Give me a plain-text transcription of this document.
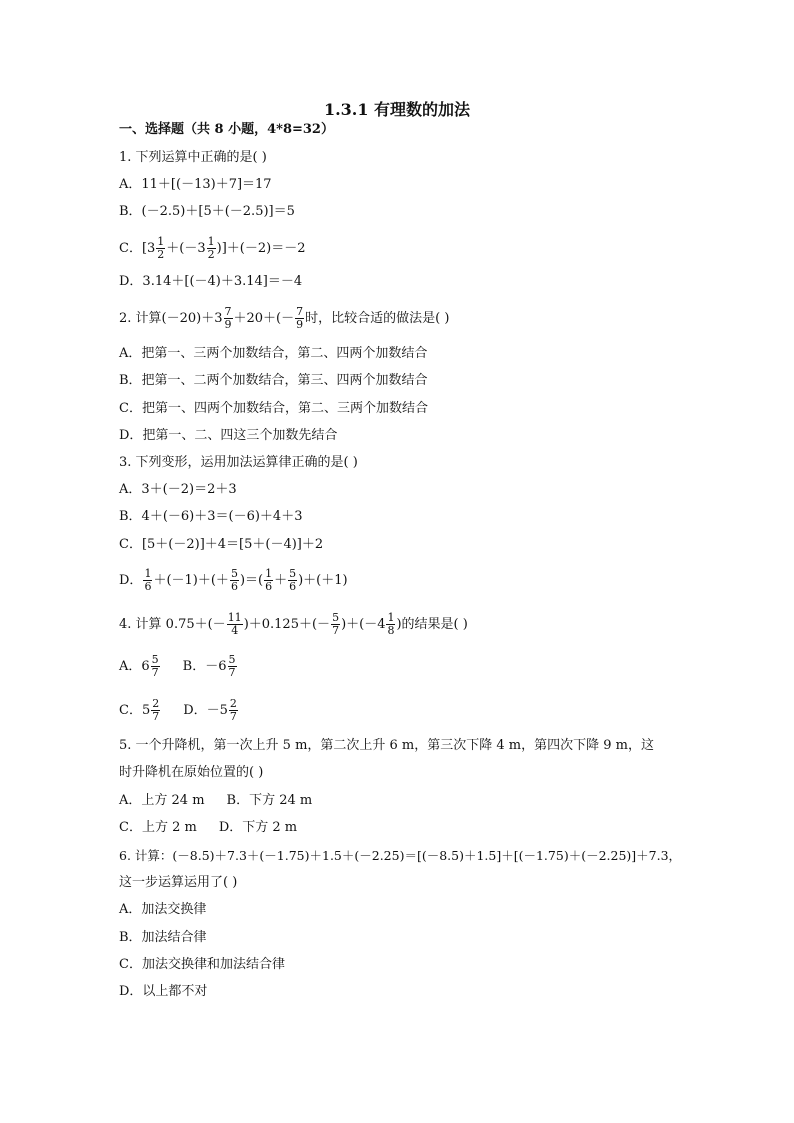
1.3.1 有理数的加法
一、选择题（共 8 小题，4*8=32）
1. 下列运算中正确的是( )
A．11＋[(－13)＋7]＝17
B．(－2.5)＋[5＋(－2.5)]＝5
C．$[3 \frac{1}{2} +(-3 \frac{1}{2} )]+(-2)=-2$
D．3.14＋[(－4)＋3.14]＝－4
2. 计算$(-20)+3 \frac{7}{9} +20+(- \frac{7}{9}$ 时，比较合适的做法是( )
A．把第一、三两个加数结合，第二、四两个加数结合
B．把第一、二两个加数结合，第三、四两个加数结合
C．把第一、四两个加数结合，第二、三两个加数结合
D．把第一、二、四这三个加数先结合
3. 下列变形，运用加法运算律正确的是( )
A．3＋(－2)＝2＋3
B．4＋(－6)＋3＝(－6)＋4＋3
C．[5＋(－2)]＋4＝[5＋(－4)]＋2
D． $\frac{1}{6} +(-1)+(+ \frac{5}{6}$ )＝( $\frac{1}{6} + \frac{5}{6} )+(+1)$
4. 计算 $0.75+(- \frac{11}{4} )+0.125+(- \frac{5}{7} )+(-4 \frac{1}{8}$ )的结果是( )
A．$6 \frac{5}{7}$ B．$-6 \frac{5}{7}$
C．$5 \frac{2}{7}$ D．$-5 \frac{2}{7}$
5. 一个升降机，第一次上升 5 m，第二次上升 6 m，第三次下降 4 m，第四次下降 9 m，这
时升降机在原始位置的( )
A．上方 24 m B．下方 24 m
C．上方 2 m D．下方 2 m
6. 计算：(－8.5)＋7.3＋(－1.75)＋1.5＋(－2.25)＝[(－8.5)＋1.5]＋[(－1.75)＋(－2.25)]＋7.3，
这一步运算运用了( )
A．加法交换律
B．加法结合律
C．加法交换律和加法结合律
D．以上都不对
